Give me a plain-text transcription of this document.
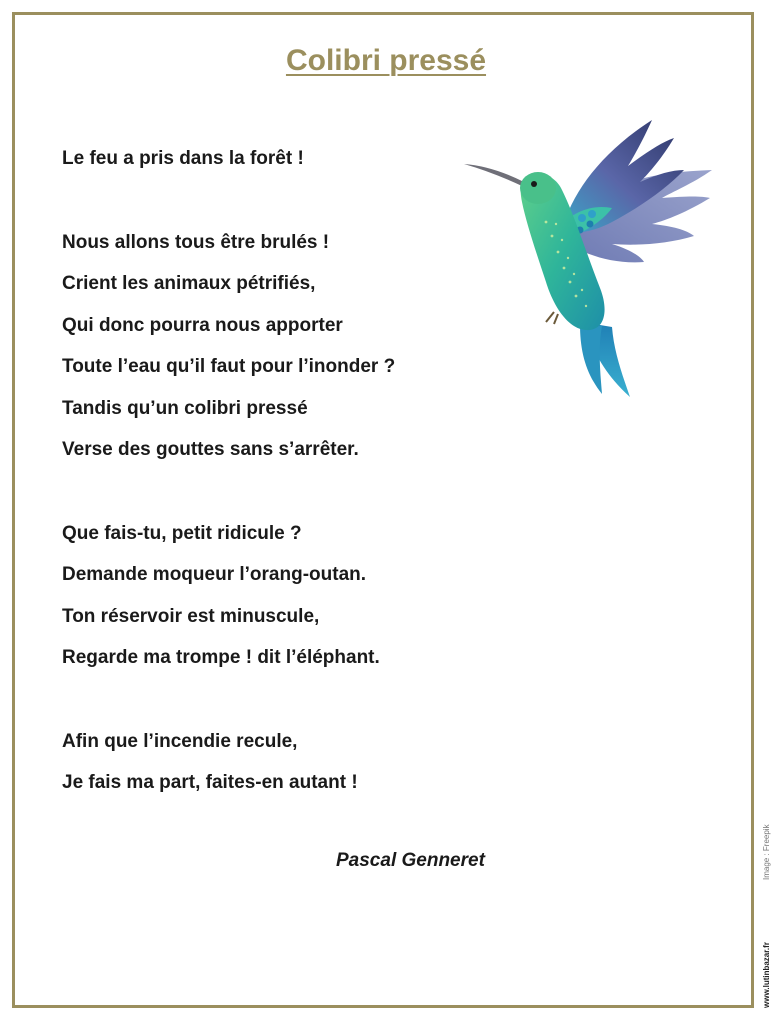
Colibri pressé
Le feu a pris dans la forêt !
Nous allons tous être brulés !
Crient les animaux pétrifiés,
Qui donc pourra nous apporter
Toute l’eau qu’il faut pour l’inonder ?
Tandis qu’un colibri pressé
Verse des gouttes sans s’arrêter.
Que fais-tu, petit ridicule ?
Demande moqueur l’orang-outan.
Ton réservoir est minuscule,
Regarde ma trompe ! dit l’éléphant.
Afin que l’incendie recule,
Je fais ma part, faites-en autant !
Pascal Genneret	Image : Freepik
www.lutinbazar.fr
